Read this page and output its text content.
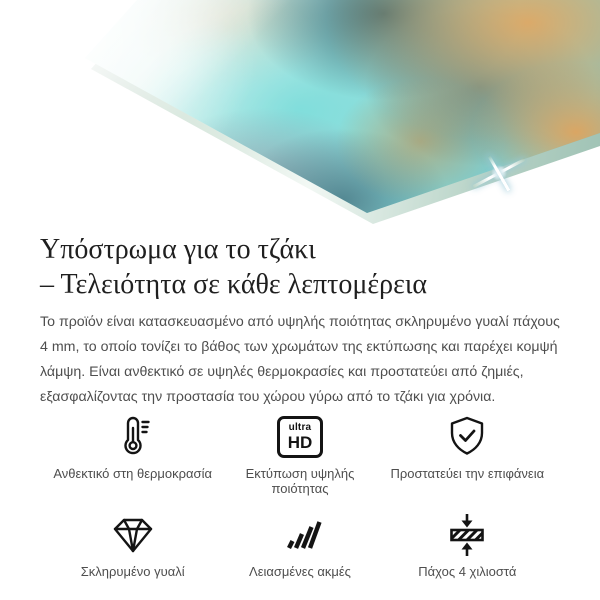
Υπόστρωμα για το τζάκι
– Τελειότητα σε κάθε λεπτομέρεια

Το προϊόν είναι κατασκευασμένο από υψηλής ποιότητας σκληρυμένο γυαλί πάχους 4 mm, το οποίο τονίζει το βάθος των χρωμάτων της εκτύπωσης και παρέχει κομψή λάμψη. Είναι ανθεκτικό σε υψηλές θερμοκρασίες και προστατεύει από ζημιές, εξασφαλίζοντας την προστασία του χώρου γύρω από το τζάκι για χρόνια.

Ανθεκτικό στη θερμοκρασία
ultra
HD
Εκτύπωση υψηλής ποιότητας
Προστατεύει την επιφάνεια
Σκληρυμένο γυαλί	Λειασμένες ακμές	Πάχος 4 χιλιοστά
